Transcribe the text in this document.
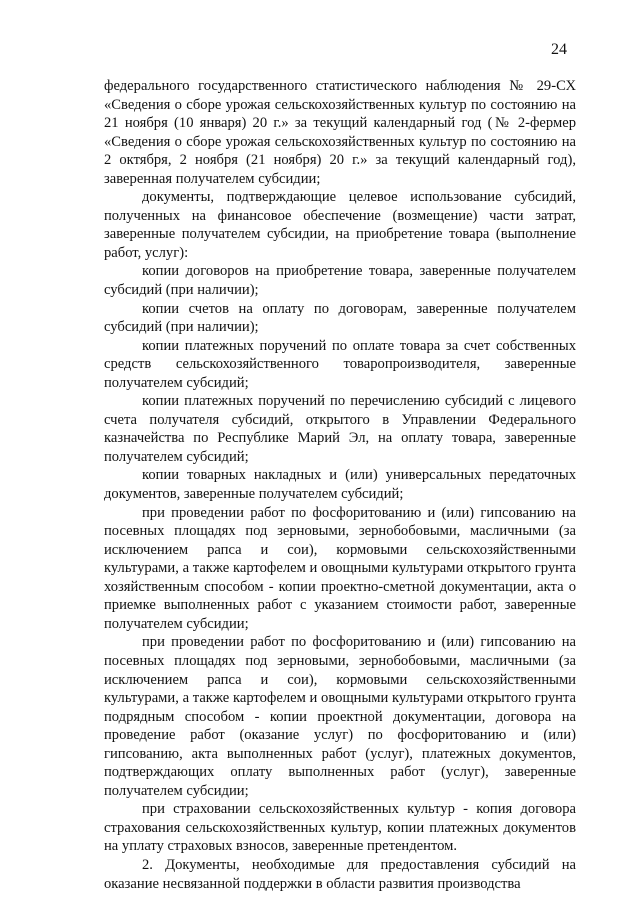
24

федерального государственного статистического наблюдения № 29-СХ «Сведения о сборе урожая сельскохозяйственных культур по состоянию на 21 ноября (10 января) 20 г.» за текущий календарный год (№ 2-фермер «Сведения о сборе урожая сельскохозяйственных культур по состоянию на 2 октября, 2 ноября (21 ноября) 20 г.» за текущий календарный год), заверенная получателем субсидии;

документы, подтверждающие целевое использование субсидий, полученных на финансовое обеспечение (возмещение) части затрат, заверенные получателем субсидии, на приобретение товара (выполнение работ, услуг):

копии договоров на приобретение товара, заверенные получателем субсидий (при наличии);

копии счетов на оплату по договорам, заверенные получателем субсидий (при наличии);

копии платежных поручений по оплате товара за счет собственных средств сельскохозяйственного товаропроизводителя, заверенные получателем субсидий;

копии платежных поручений по перечислению субсидий с лицевого счета получателя субсидий, открытого в Управлении Федерального казначейства по Республике Марий Эл, на оплату товара, заверенные получателем субсидий;

копии товарных накладных и (или) универсальных передаточных документов, заверенные получателем субсидий;

при проведении работ по фосфоритованию и (или) гипсованию на посевных площадях под зерновыми, зернобобовыми, масличными (за исключением рапса и сои), кормовыми сельскохозяйственными культурами, а также картофелем и овощными культурами открытого грунта хозяйственным способом - копии проектно-сметной документации, акта о приемке выполненных работ с указанием стоимости работ, заверенные получателем субсидии;

при проведении работ по фосфоритованию и (или) гипсованию на посевных площадях под зерновыми, зернобобовыми, масличными (за исключением рапса и сои), кормовыми сельскохозяйственными культурами, а также картофелем и овощными культурами открытого грунта подрядным способом - копии проектной документации, договора на проведение работ (оказание услуг) по фосфоритованию и (или) гипсованию, акта выполненных работ (услуг), платежных документов, подтверждающих оплату выполненных работ (услуг), заверенные получателем субсидии;

при страховании сельскохозяйственных культур - копия договора страхования сельскохозяйственных культур, копии платежных документов на уплату страховых взносов, заверенные претендентом.

2. Документы, необходимые для предоставления субсидий на оказание несвязанной поддержки в области развития производства
